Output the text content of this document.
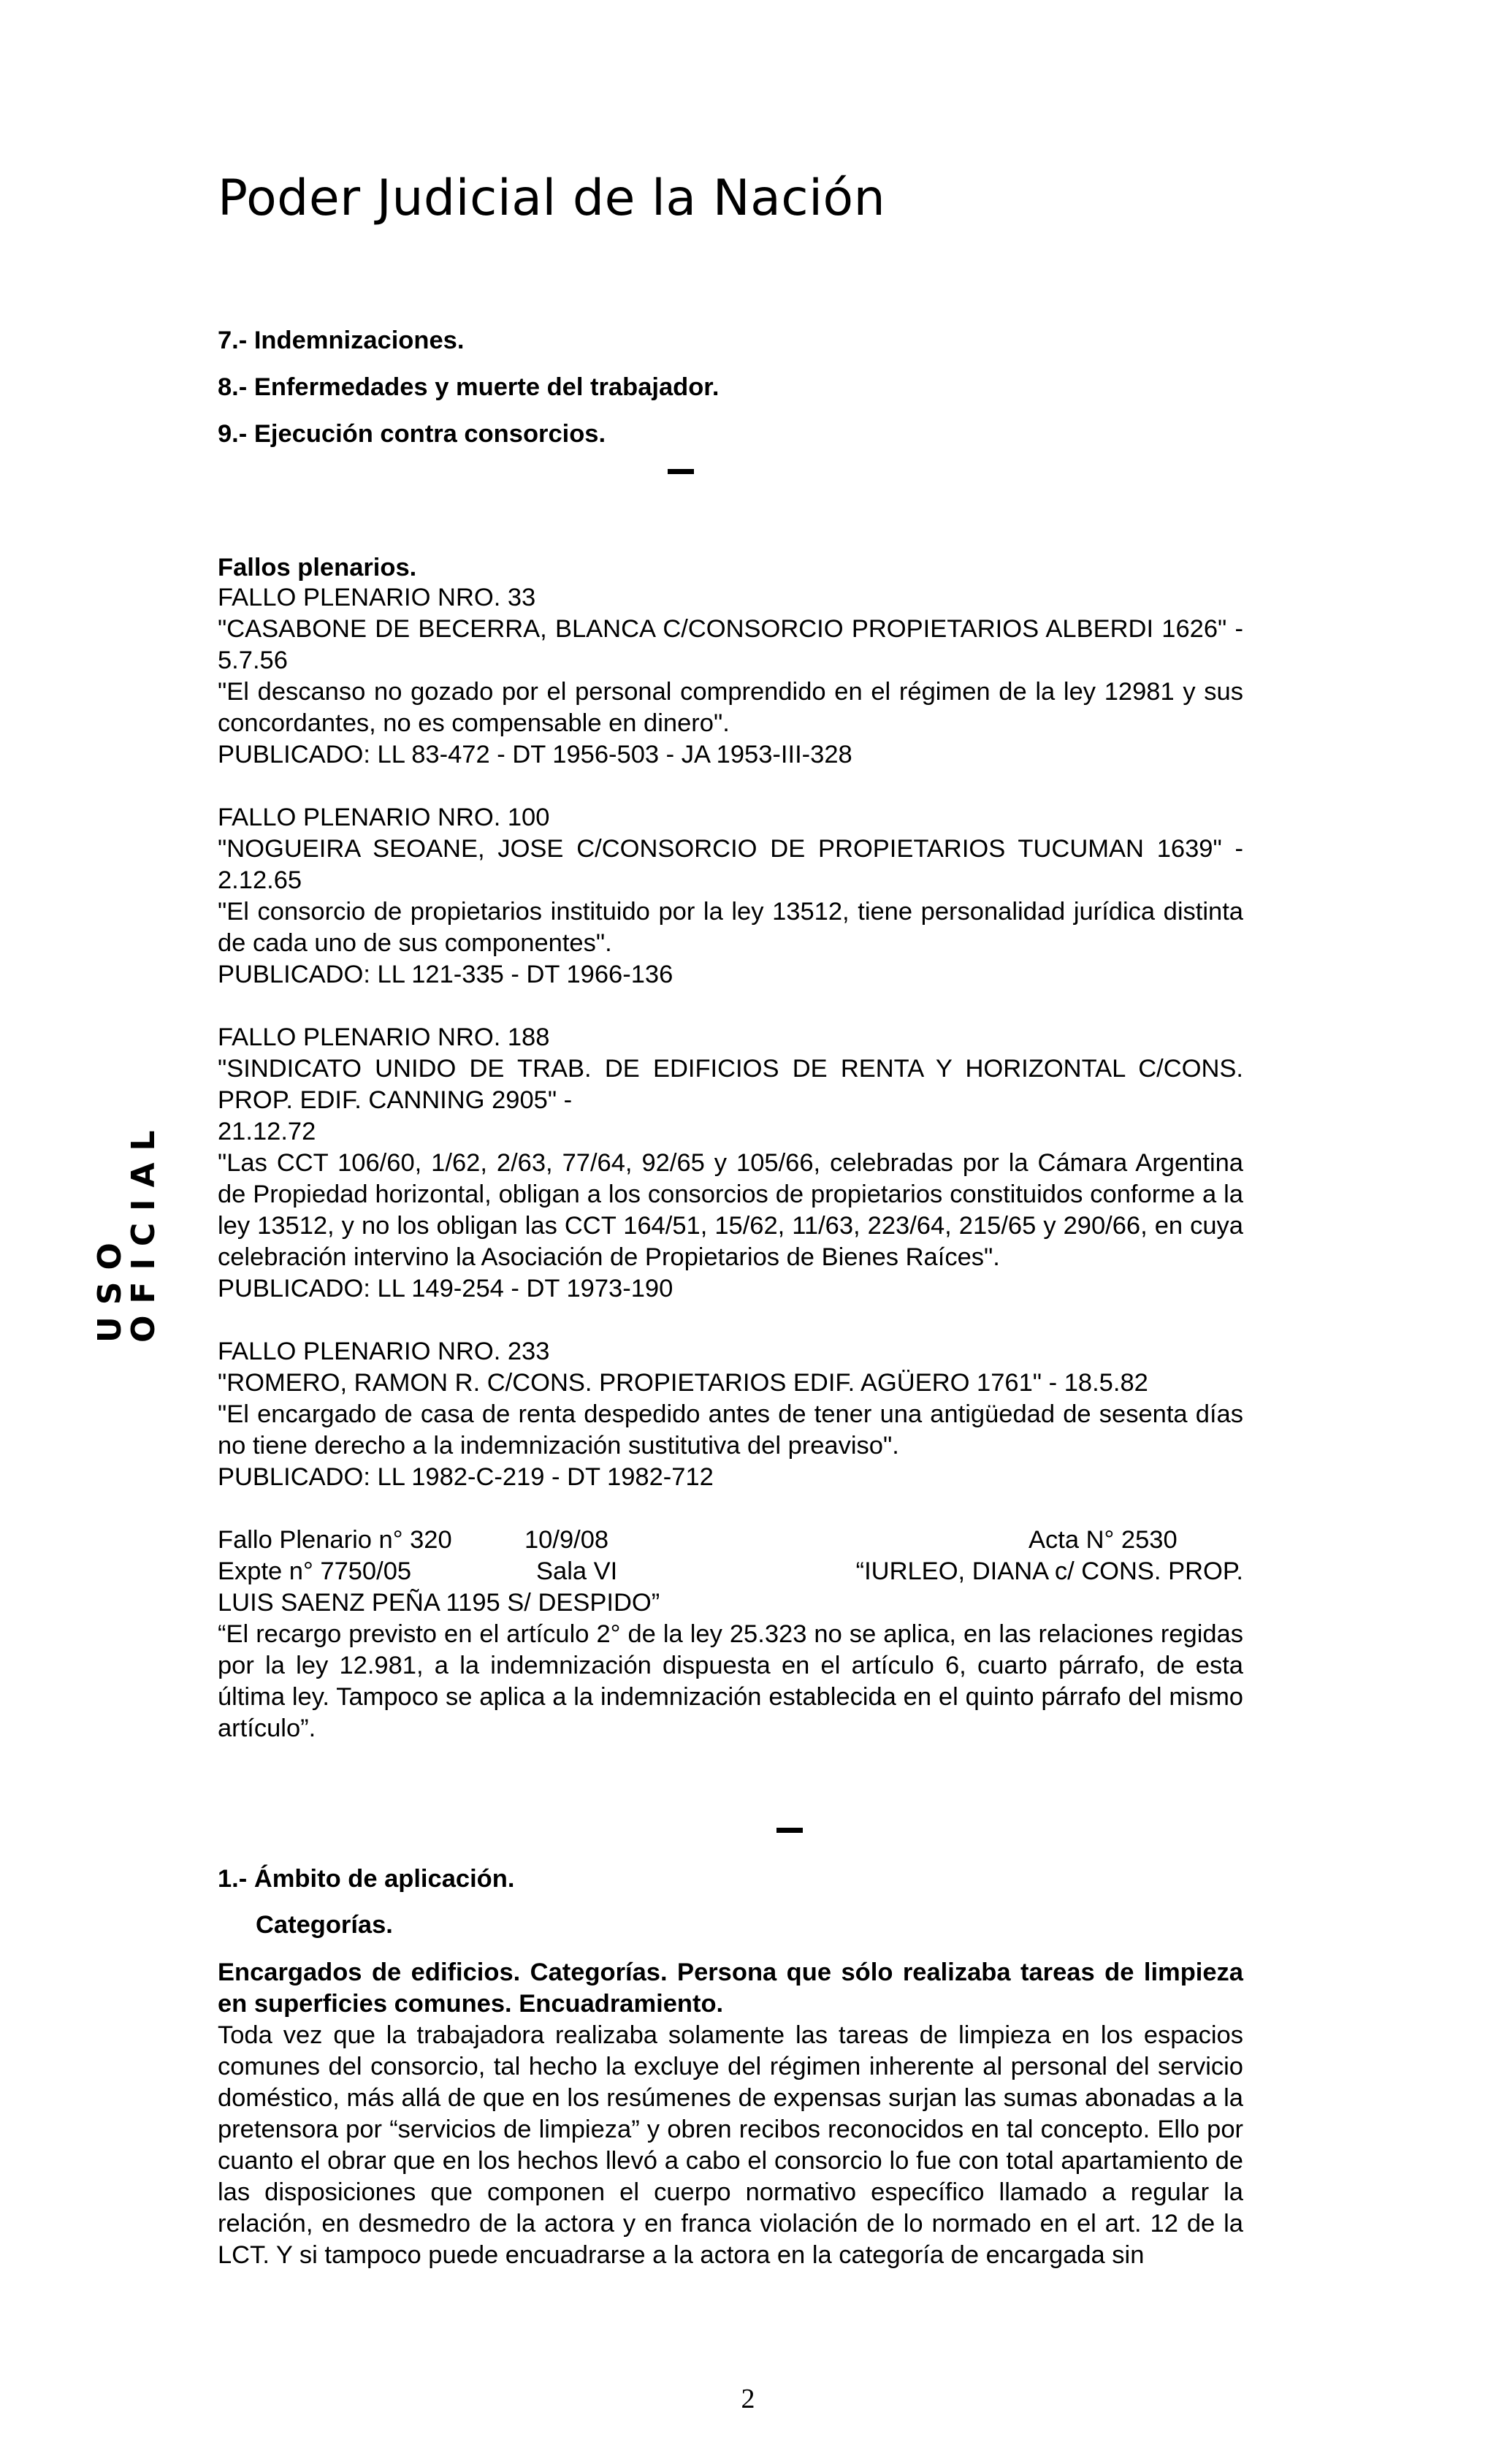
Poder Judicial de la Nación
USO
OFICIAL
7.- Indemnizaciones.
8.- Enfermedades y muerte del trabajador.
9.- Ejecución contra consorcios.
Fallos plenarios.

FALLO PLENARIO NRO. 33

"CASABONE DE BECERRA, BLANCA C/CONSORCIO PROPIETARIOS ALBERDI 1626" - 5.7.56

"El descanso no gozado por el personal comprendido en el régimen de la ley 12981 y sus concordantes, no es compensable en dinero".

PUBLICADO: LL 83-472 - DT 1956-503 - JA 1953-III-328

FALLO PLENARIO NRO. 100

"NOGUEIRA SEOANE, JOSE C/CONSORCIO DE PROPIETARIOS TUCUMAN 1639" - 2.12.65

"El consorcio de propietarios instituido por la ley 13512, tiene personalidad jurídica distinta de cada uno de sus componentes".

PUBLICADO: LL 121-335 - DT 1966-136

FALLO PLENARIO NRO. 188

"SINDICATO UNIDO DE TRAB. DE EDIFICIOS DE RENTA Y HORIZONTAL C/CONS. PROP. EDIF. CANNING 2905" -

21.12.72

"Las CCT 106/60, 1/62, 2/63, 77/64, 92/65 y 105/66, celebradas por la Cámara Argentina de Propiedad horizontal, obligan a los consorcios de propietarios constituidos conforme a la ley 13512, y no los obligan las CCT 164/51, 15/62, 11/63, 223/64, 215/65 y 290/66, en cuya celebración intervino la Asociación de Propietarios de Bienes Raíces".

PUBLICADO: LL 149-254 - DT 1973-190

FALLO PLENARIO NRO. 233

"ROMERO, RAMON R. C/CONS. PROPIETARIOS EDIF. AGÜERO 1761" - 18.5.82

"El encargado de casa de renta despedido antes de tener una antigüedad de sesenta días no tiene derecho a la indemnización sustitutiva del preaviso".

PUBLICADO: LL 1982-C-219 - DT 1982-712

Fallo Plenario n° 320	10/9/08	Acta N° 2530
Expte n° 7750/05	Sala VI	“IURLEO, DIANA c/ CONS. PROP.

LUIS SAENZ PEÑA 1195 S/ DESPIDO”

“El recargo previsto en el artículo 2° de la ley 25.323 no se aplica, en las relaciones regidas por la ley 12.981, a la indemnización dispuesta en el artículo 6, cuarto párrafo, de esta última ley. Tampoco se aplica a la indemnización establecida en el quinto párrafo del mismo artículo”.

1.- Ámbito de aplicación.
Categorías.

Encargados de edificios. Categorías. Persona que sólo realizaba tareas de limpieza en superficies comunes. Encuadramiento.

Toda vez que la trabajadora realizaba solamente las tareas de limpieza en los espacios comunes del consorcio, tal hecho la excluye del régimen inherente al personal del servicio doméstico, más allá de que en los resúmenes de expensas surjan las sumas abonadas a la pretensora por “servicios de limpieza” y obren recibos reconocidos en tal concepto. Ello por cuanto el obrar que en los hechos llevó a cabo el consorcio lo fue con total apartamiento de las disposiciones que componen el cuerpo normativo específico llamado a regular la relación, en desmedro de la actora y en franca violación de lo normado en el art. 12 de la LCT. Y si tampoco puede encuadrarse a la actora en la categoría de encargada sin

2
